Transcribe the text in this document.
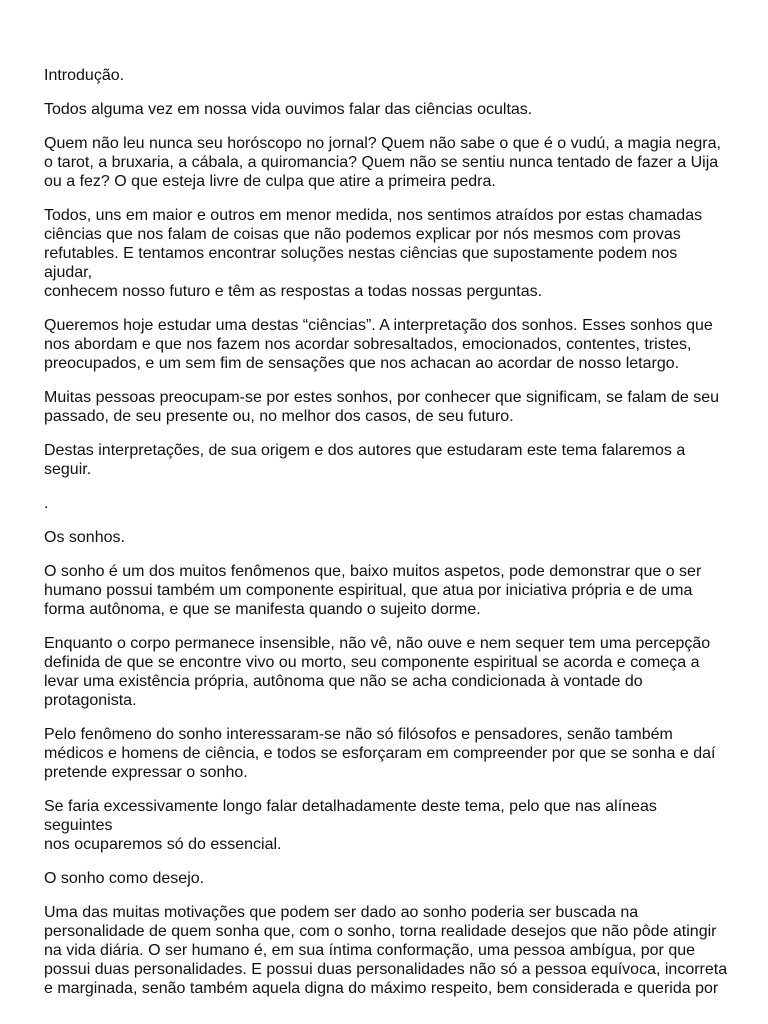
Introdução.

Todos alguma vez em nossa vida ouvimos falar das ciências ocultas.

Quem não leu nunca seu horóscopo no jornal? Quem não sabe o que é o vudú, a magia negra,
o tarot, a bruxaria, a cábala, a quiromancia? Quem não se sentiu nunca tentado de fazer a Uija
ou a fez? O que esteja livre de culpa que atire a primeira pedra.

Todos, uns em maior e outros em menor medida, nos sentimos atraídos por estas chamadas
ciências que nos falam de coisas que não podemos explicar por nós mesmos com provas
refutables. E tentamos encontrar soluções nestas ciências que supostamente podem nos ajudar,
conhecem nosso futuro e têm as respostas a todas nossas perguntas.

Queremos hoje estudar uma destas “ciências”. A interpretação dos sonhos. Esses sonhos que
nos abordam e que nos fazem nos acordar sobresaltados, emocionados, contentes, tristes,
preocupados, e um sem fim de sensações que nos achacan ao acordar de nosso letargo.

Muitas pessoas preocupam-se por estes sonhos, por conhecer que significam, se falam de seu
passado, de seu presente ou, no melhor dos casos, de seu futuro.

Destas interpretações, de sua origem e dos autores que estudaram este tema falaremos a
seguir.

.

Os sonhos.

O sonho é um dos muitos fenômenos que, baixo muitos aspetos, pode demonstrar que o ser
humano possui também um componente espiritual, que atua por iniciativa própria e de uma
forma autônoma, e que se manifesta quando o sujeito dorme.

Enquanto o corpo permanece insensible, não vê, não ouve e nem sequer tem uma percepção
definida de que se encontre vivo ou morto, seu componente espiritual se acorda e começa a
levar uma existência própria, autônoma que não se acha condicionada à vontade do
protagonista.

Pelo fenômeno do sonho interessaram-se não só filósofos e pensadores, senão também
médicos e homens de ciência, e todos se esforçaram em compreender por que se sonha e daí
pretende expressar o sonho.

Se faria excessivamente longo falar detalhadamente deste tema, pelo que nas alíneas seguintes
nos ocuparemos só do essencial.

O sonho como desejo.

Uma das muitas motivações que podem ser dado ao sonho poderia ser buscada na
personalidade de quem sonha que, com o sonho, torna realidade desejos que não pôde atingir
na vida diária. O ser humano é, em sua íntima conformação, uma pessoa ambígua, por que
possui duas personalidades. E possui duas personalidades não só a pessoa equívoca, incorreta
e marginada, senão também aquela digna do máximo respeito, bem considerada e querida por
